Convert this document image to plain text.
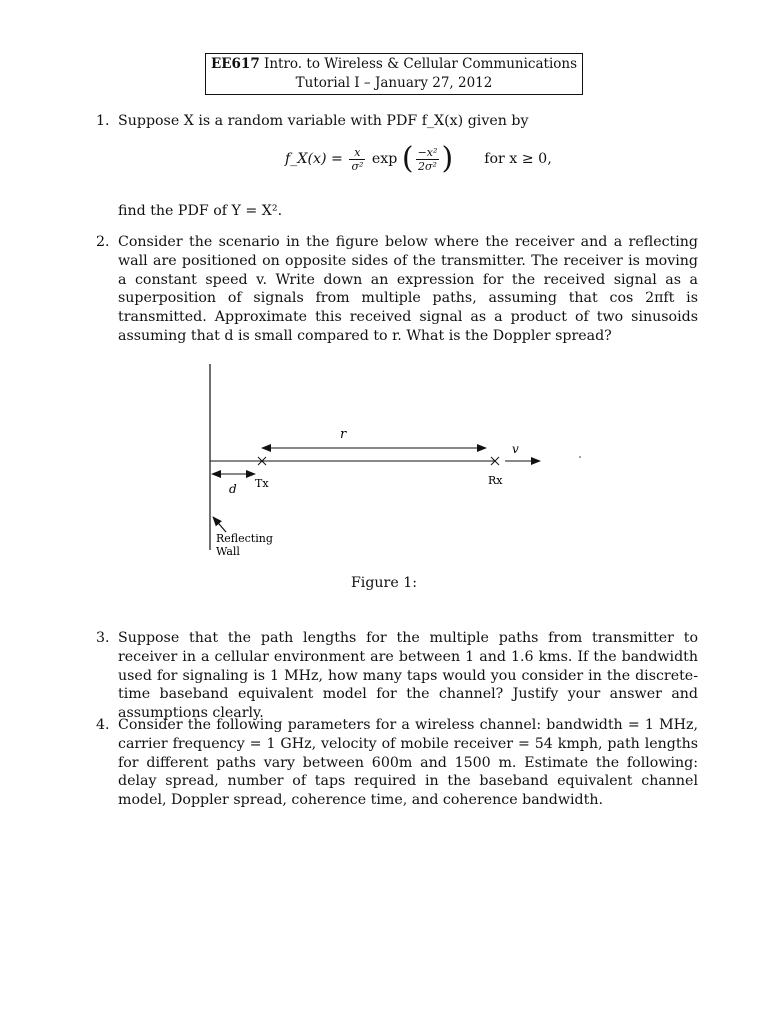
EE617 Intro. to Wireless & Cellular Communications
Tutorial I – January 27, 2012
1. Suppose X is a random variable with PDF f_X(x) given by
f_X(x) = $\frac{x}{\text{σ²}}$ exp ( $\frac{\text{−x²}}{\text{2σ²}}$ ) for x ≥ 0,
find the PDF of Y = X².
2. Consider the scenario in the figure below where the receiver and a reflecting wall are positioned on opposite sides of the transmitter. The receiver is moving a constant speed v. Write down an expression for the received signal as a superposition of signals from multiple paths, assuming that cos 2πft is transmitted. Approximate this received signal as a product of two sinusoids assuming that d is small compared to r. What is the Doppler spread?
r
v
d Tx	Rx
Reflecting
Wall
Figure 1:
3. Suppose that the path lengths for the multiple paths from transmitter to receiver in a cellular environment are between 1 and 1.6 kms. If the bandwidth used for signaling is 1 MHz, how many taps would you consider in the discrete-time baseband equivalent model for the channel? Justify your answer and assumptions clearly.
4. Consider the following parameters for a wireless channel: bandwidth = 1 MHz, carrier frequency = 1 GHz, velocity of mobile receiver = 54 kmph, path lengths for different paths vary between 600m and 1500 m. Estimate the following: delay spread, number of taps required in the baseband equivalent channel model, Doppler spread, coherence time, and coherence bandwidth.
